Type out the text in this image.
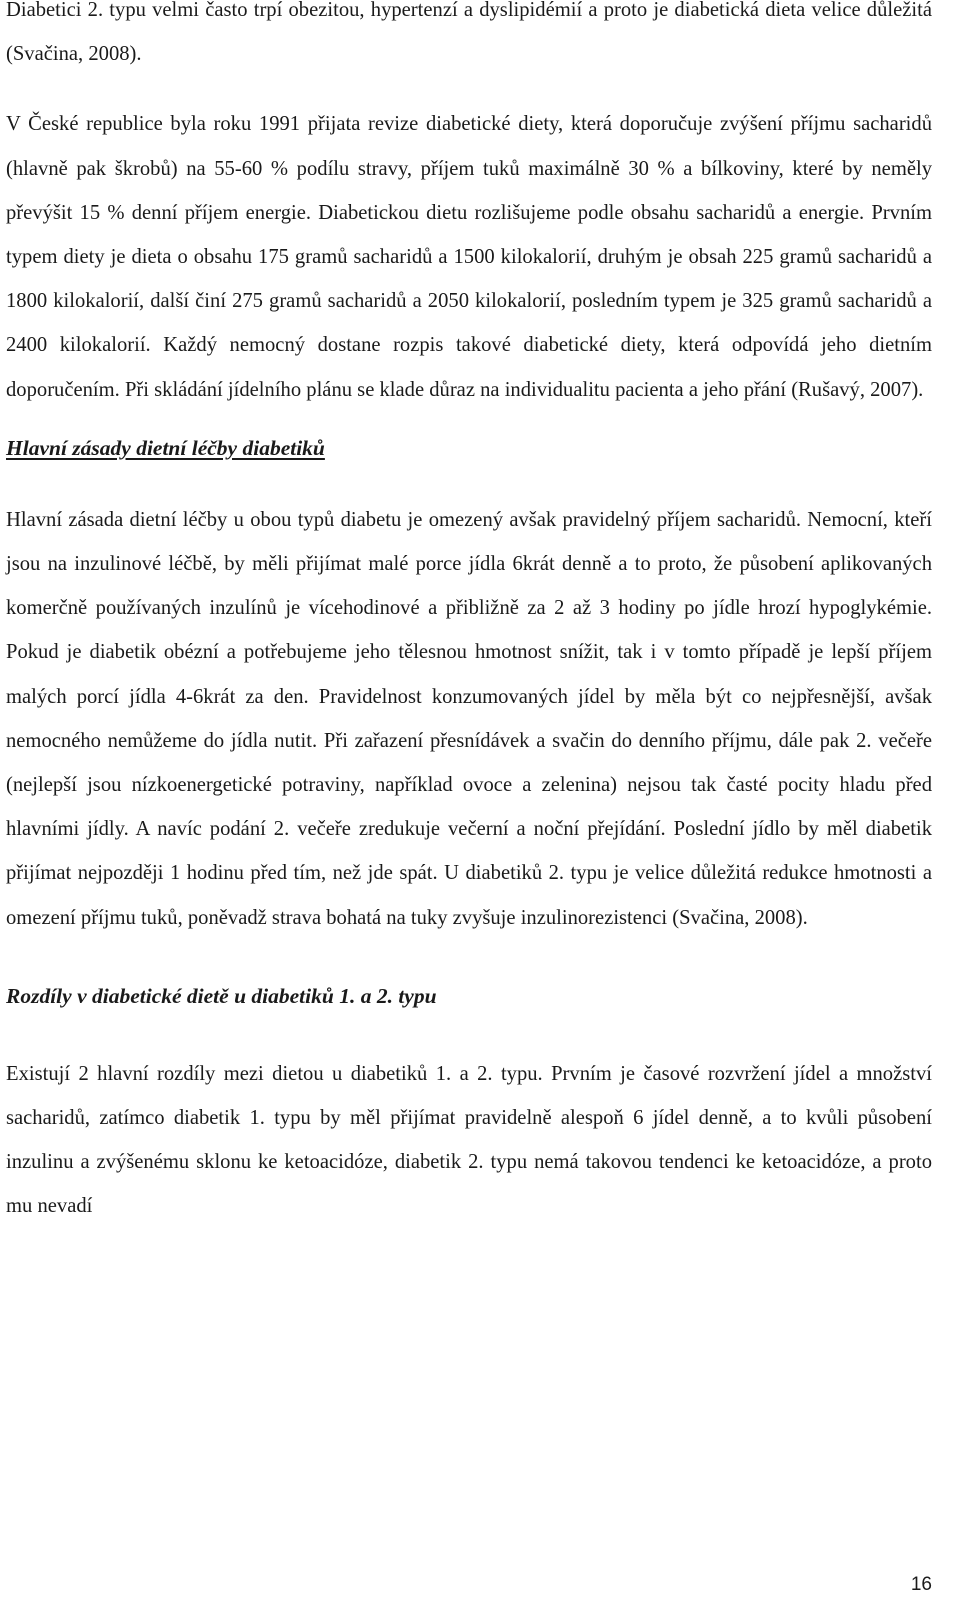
Diabetici 2. typu velmi často trpí obezitou, hypertenzí a dyslipidémií a proto je diabetická dieta velice důležitá (Svačina, 2008).

V České republice byla roku 1991 přijata revize diabetické diety, která doporučuje zvýšení příjmu sacharidů (hlavně pak škrobů) na 55-60 % podílu stravy, příjem tuků maximálně 30 % a bílkoviny, které by neměly převýšit 15 % denní příjem energie. Diabetickou dietu rozlišujeme podle obsahu sacharidů a energie. Prvním typem diety je dieta o obsahu 175 gramů sacharidů a 1500 kilokalorií, druhým je obsah 225 gramů sacharidů a 1800 kilokalorií, další činí 275 gramů sacharidů a 2050 kilokalorií, posledním typem je 325 gramů sacharidů a 2400 kilokalorií. Každý nemocný dostane rozpis takové diabetické diety, která odpovídá jeho dietním doporučením. Při skládání jídelního plánu se klade důraz na individualitu pacienta a jeho přání (Rušavý, 2007).

Hlavní zásady dietní léčby diabetiků

Hlavní zásada dietní léčby u obou typů diabetu je omezený avšak pravidelný příjem sacharidů. Nemocní, kteří jsou na inzulinové léčbě, by měli přijímat malé porce jídla 6krát denně a to proto, že působení aplikovaných komerčně používaných inzulínů je vícehodinové a přibližně za 2 až 3 hodiny po jídle hrozí hypoglykémie. Pokud je diabetik obézní a potřebujeme jeho tělesnou hmotnost snížit, tak i v tomto případě je lepší příjem malých porcí jídla 4-6krát za den. Pravidelnost konzumovaných jídel by měla být co nejpřesnější, avšak nemocného nemůžeme do jídla nutit. Při zařazení přesnídávek a svačin do denního příjmu, dále pak 2. večeře (nejlepší jsou nízkoenergetické potraviny, například ovoce a zelenina) nejsou tak časté pocity hladu před hlavními jídly. A navíc podání 2. večeře zredukuje večerní a noční přejídání. Poslední jídlo by měl diabetik přijímat nejpozději 1 hodinu před tím, než jde spát. U diabetiků 2. typu je velice důležitá redukce hmotnosti a omezení příjmu tuků, poněvadž strava bohatá na tuky zvyšuje inzulinorezistenci (Svačina, 2008).

Rozdíly v diabetické dietě u diabetiků 1. a 2. typu

Existují 2 hlavní rozdíly mezi dietou u diabetiků 1. a 2. typu. Prvním je časové rozvržení jídel a množství sacharidů, zatímco diabetik 1. typu by měl přijímat pravidelně alespoň 6 jídel denně, a to kvůli působení inzulinu a zvýšenému sklonu ke ketoacidóze, diabetik 2. typu nemá takovou tendenci ke ketoacidóze, a proto mu nevadí

16
